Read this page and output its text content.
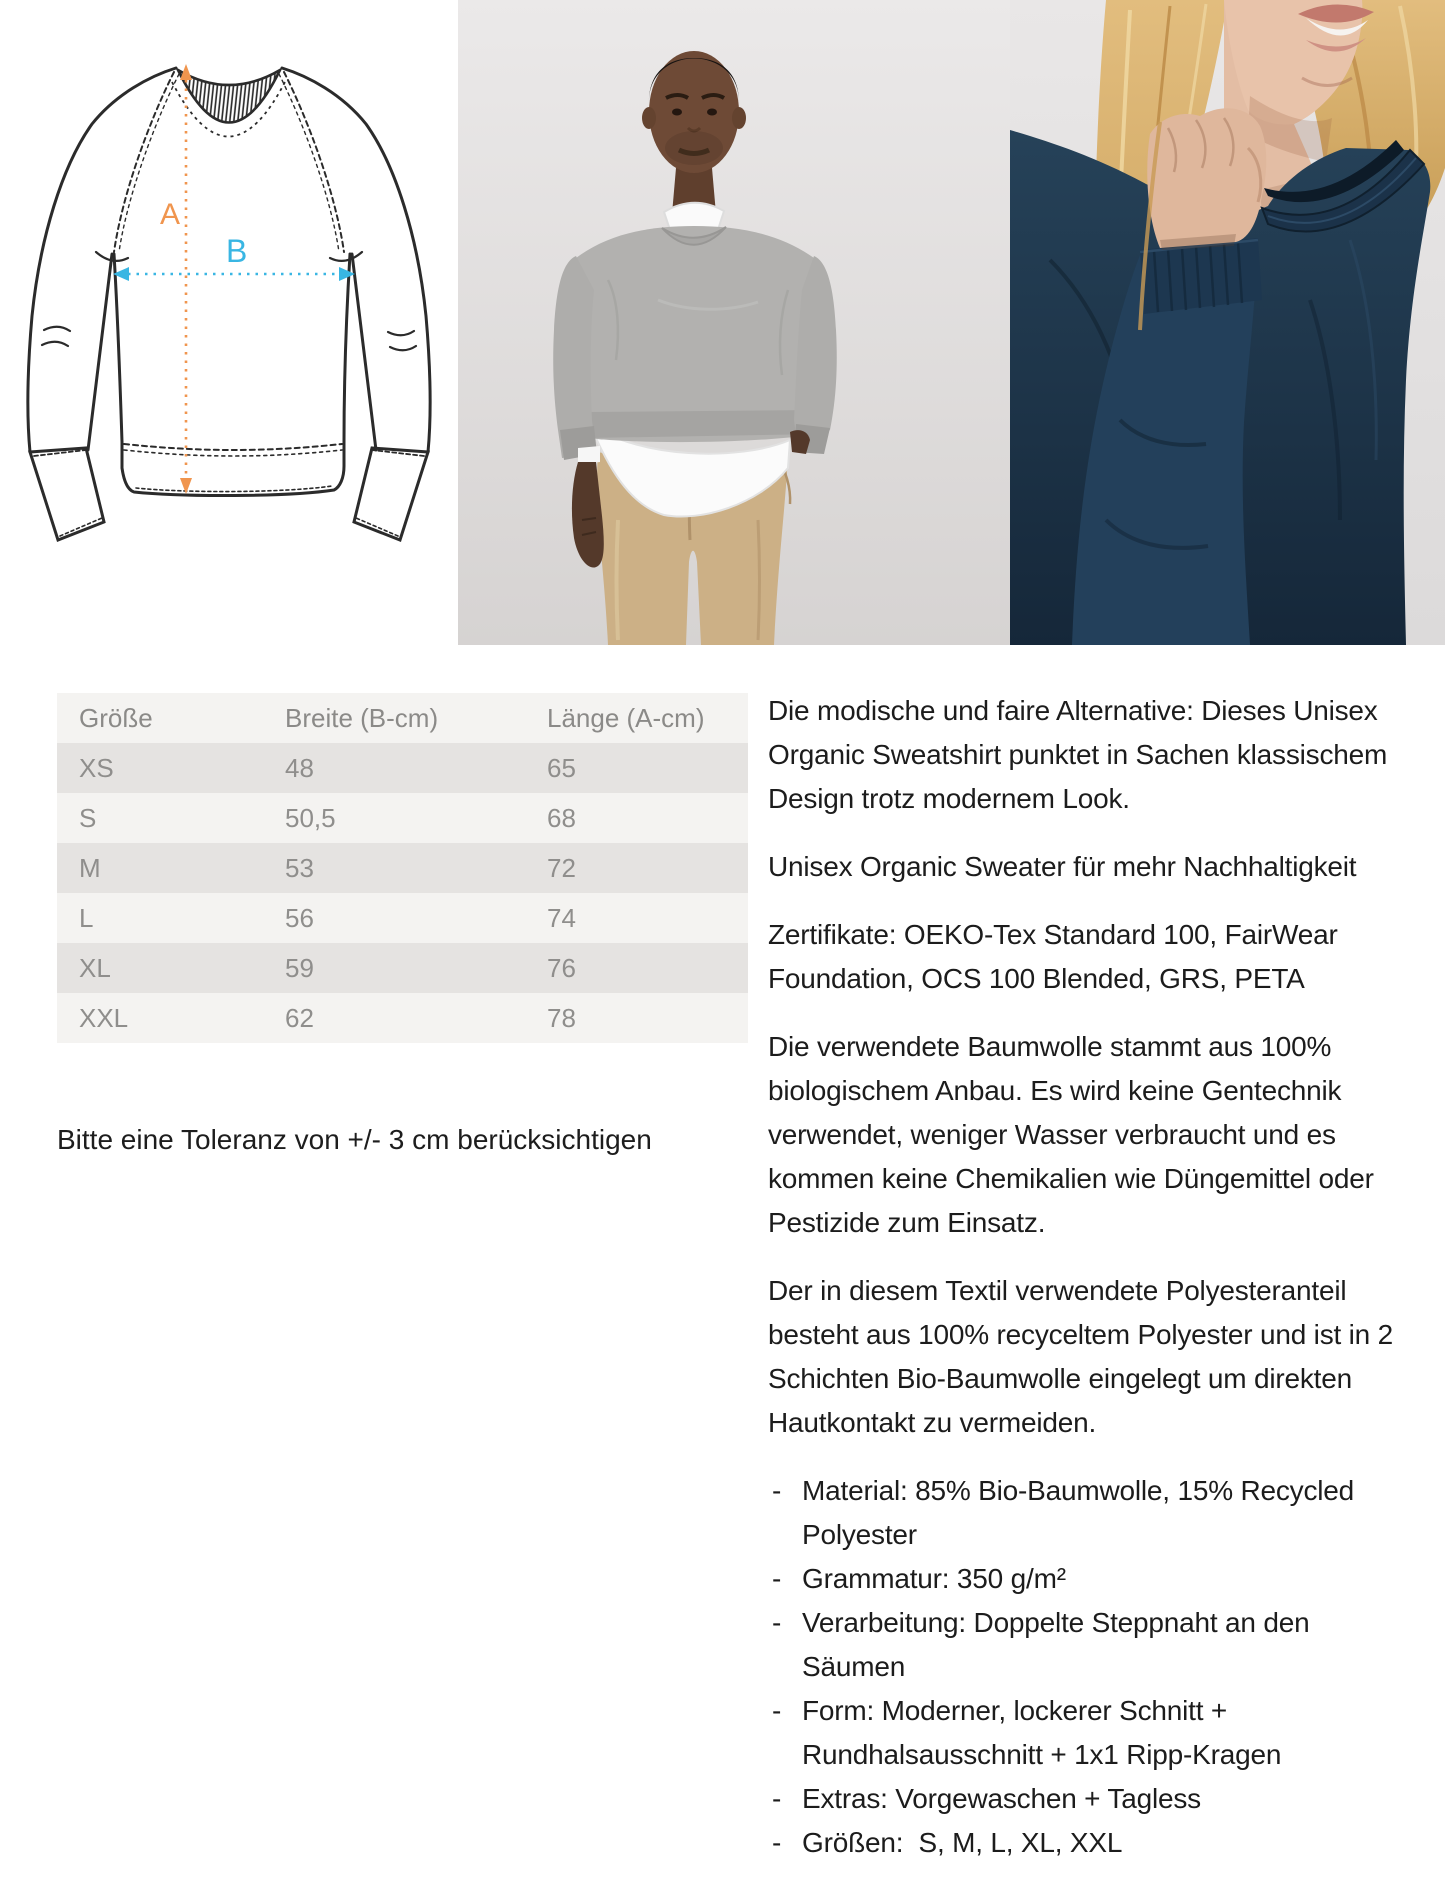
A
B
Größe	Breite (B-cm)	Länge (A-cm)
XS	48	65
S	50,5	68
M	53	72
L	56	74
XL	59	76
XXL	62	78
Bitte eine Toleranz von +/- 3 cm berücksichtigen

Die modische und faire Alternative: Dieses Unisex Organic Sweatshirt punktet in Sachen klassischem Design trotz modernem Look.

Unisex Organic Sweater für mehr Nachhaltigkeit

Zertifikate: OEKO-Tex Standard 100, FairWear Foundation, OCS 100 Blended, GRS, PETA

Die verwendete Baumwolle stammt aus 100% biologischem Anbau. Es wird keine Gentechnik verwendet, weniger Wasser verbraucht und es kommen keine Chemikalien wie Düngemittel oder Pestizide zum Einsatz.

Der in diesem Textil verwendete Polyesteranteil besteht aus 100% recyceltem Polyester und ist in 2 Schichten Bio-Baumwolle eingelegt um direkten Hautkontakt zu vermeiden.

- Material: 85% Bio-Baumwolle, 15% Recycled Polyester
- Grammatur: 350 g/m²
- Verarbeitung: Doppelte Steppnaht an den Säumen
- Form: Moderner, lockerer Schnitt + Rundhalsausschnitt + 1x1 Ripp-Kragen
- Extras: Vorgewaschen + Tagless
- Größen:  S, M, L, XL, XXL
